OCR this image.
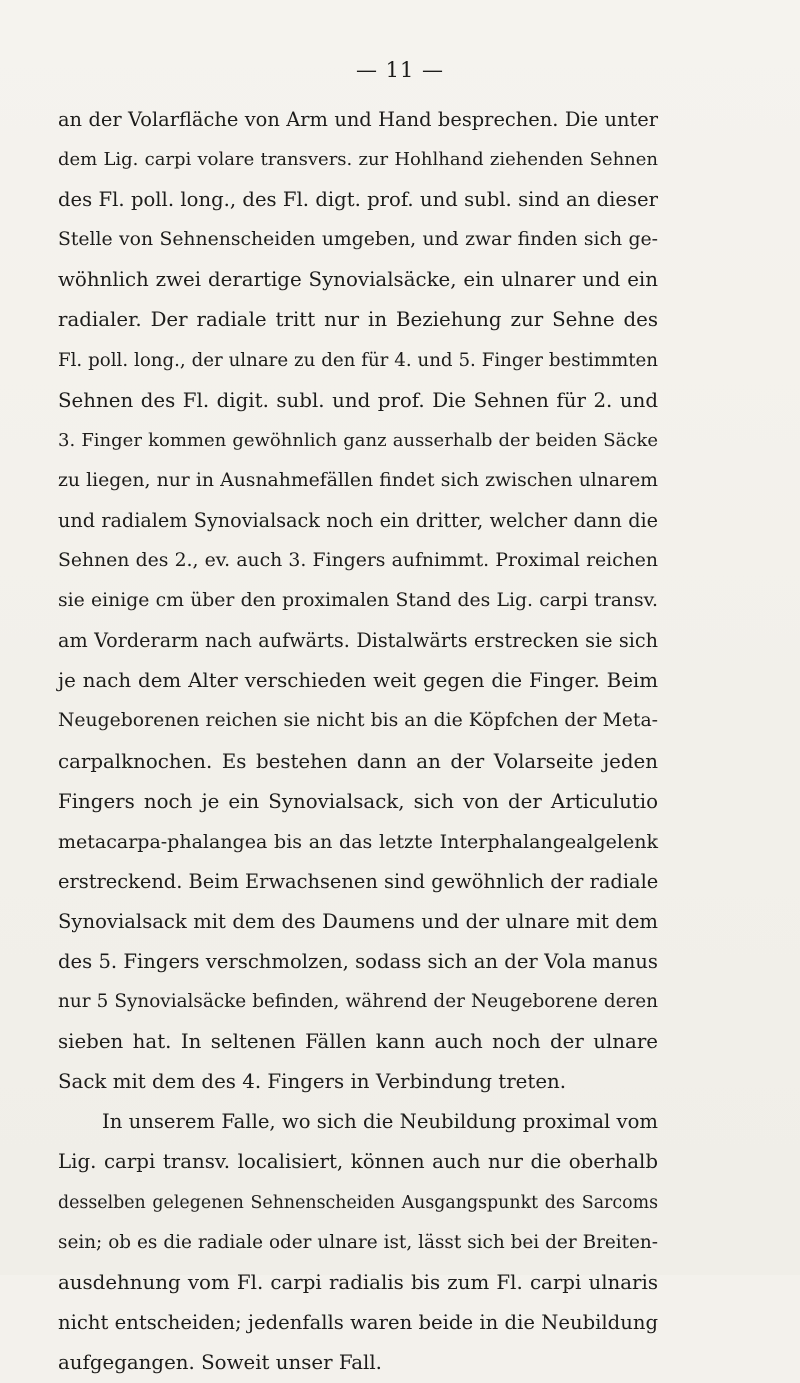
— 11 —
an der Volarfläche von Arm und Hand besprechen. Die unter
dem Lig. carpi volare transvers. zur Hohlhand ziehenden Sehnen
des Fl. poll. long., des Fl. digt. prof. und subl. sind an dieser
Stelle von Sehnenscheiden umgeben, und zwar finden sich ge-
wöhnlich zwei derartige Synovialsäcke, ein ulnarer und ein
radialer. Der radiale tritt nur in Beziehung zur Sehne des
Fl. poll. long., der ulnare zu den für 4. und 5. Finger bestimmten
Sehnen des Fl. digit. subl. und prof. Die Sehnen für 2. und
3. Finger kommen gewöhnlich ganz ausserhalb der beiden Säcke
zu liegen, nur in Ausnahmefällen findet sich zwischen ulnarem
und radialem Synovialsack noch ein dritter, welcher dann die
Sehnen des 2., ev. auch 3. Fingers aufnimmt. Proximal reichen
sie einige cm über den proximalen Stand des Lig. carpi transv.
am Vorderarm nach aufwärts. Distalwärts erstrecken sie sich
je nach dem Alter verschieden weit gegen die Finger. Beim
Neugeborenen reichen sie nicht bis an die Köpfchen der Meta-
carpalknochen. Es bestehen dann an der Volarseite jeden
Fingers noch je ein Synovialsack, sich von der Articulutio
metacarpa-phalangea bis an das letzte Interphalangealgelenk
erstreckend. Beim Erwachsenen sind gewöhnlich der radiale
Synovialsack mit dem des Daumens und der ulnare mit dem
des 5. Fingers verschmolzen, sodass sich an der Vola manus
nur 5 Synovialsäcke befinden, während der Neugeborene deren
sieben hat. In seltenen Fällen kann auch noch der ulnare
Sack mit dem des 4. Fingers in Verbindung treten.
In unserem Falle, wo sich die Neubildung proximal vom
Lig. carpi transv. localisiert, können auch nur die oberhalb
desselben gelegenen Sehnenscheiden Ausgangspunkt des Sarcoms
sein; ob es die radiale oder ulnare ist, lässt sich bei der Breiten-
ausdehnung vom Fl. carpi radialis bis zum Fl. carpi ulnaris
nicht entscheiden; jedenfalls waren beide in die Neubildung
aufgegangen. Soweit unser Fall.
